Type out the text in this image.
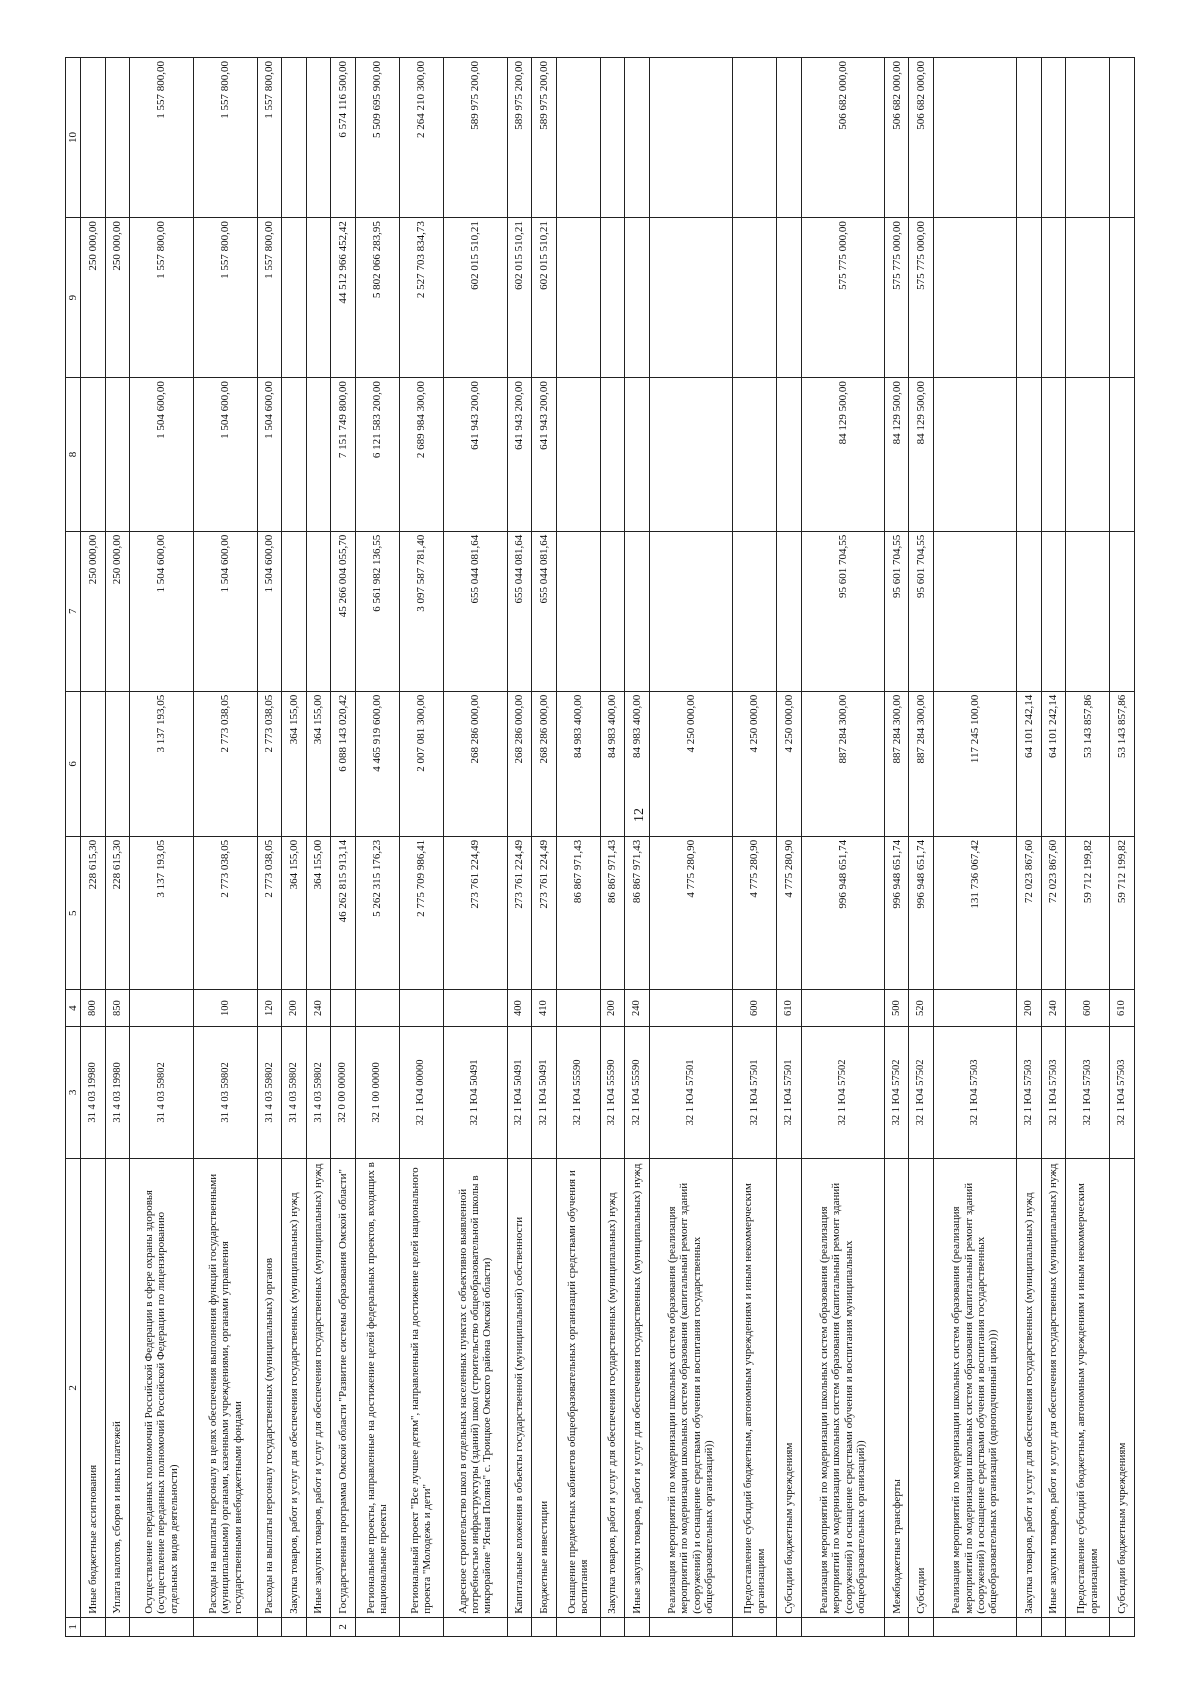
12
1	2	3	4	5	6	7	8	9	10
	Иные бюджетные ассигнования	31 4 03 19980	800	228 615,30		250 000,00		250 000,00	
	Уплата налогов, сборов и иных платежей	31 4 03 19980	850	228 615,30		250 000,00		250 000,00	
	Осуществление переданных полномочий Российской Федерации в сфере охраны здоровья (осуществление переданных полномочий Российской Федерации по лицензированию отдельных видов деятельности)	31 4 03 59802		3 137 193,05	3 137 193,05	1 504 600,00	1 504 600,00	1 557 800,00	1 557 800,00
	Расходы на выплаты персоналу в целях обеспечения выполнения функций государственными (муниципальными) органами, казенными учреждениями, органами управления государственными внебюджетными фондами	31 4 03 59802	100	2 773 038,05	2 773 038,05	1 504 600,00	1 504 600,00	1 557 800,00	1 557 800,00
	Расходы на выплаты персоналу государственных (муниципальных) органов	31 4 03 59802	120	2 773 038,05	2 773 038,05	1 504 600,00	1 504 600,00	1 557 800,00	1 557 800,00
	Закупка товаров, работ и услуг для обеспечения государственных (муниципальных) нужд	31 4 03 59802	200	364 155,00	364 155,00				
	Иные закупки товаров, работ и услуг для обеспечения государственных (муниципальных) нужд	31 4 03 59802	240	364 155,00	364 155,00				
2	Государственная программа Омской области "Развитие системы образования Омской области"	32 0 00 00000		46 262 815 913,14	6 088 143 020,42	45 266 004 055,70	7 151 749 800,00	44 512 966 452,42	6 574 116 500,00
	Региональные проекты, направленные на достижение целей федеральных проектов, входящих в национальные проекты	32 1 00 00000		5 262 315 176,23	4 465 919 600,00	6 561 982 136,55	6 121 583 200,00	5 802 066 283,95	5 509 695 900,00
	Региональный проект "Все лучшее детям", направленный на достижение целей национального проекта "Молодежь и дети"	32 1 Ю4 00000		2 775 709 986,41	2 007 081 300,00	3 097 587 781,40	2 689 984 300,00	2 527 703 834,73	2 264 210 300,00
	Адресное строительство школ в отдельных населенных пунктах с объективно выявленной потребностью инфраструктуры (зданий) школ (строительство общеобразовательной школы в микрорайоне "Ясная Поляна" с. Троицкое Омского района Омской области)	32 1 Ю4 50491		273 761 224,49	268 286 000,00	655 044 081,64	641 943 200,00	602 015 510,21	589 975 200,00
	Капитальные вложения в объекты государственной (муниципальной) собственности	32 1 Ю4 50491	400	273 761 224,49	268 286 000,00	655 044 081,64	641 943 200,00	602 015 510,21	589 975 200,00
	Бюджетные инвестиции	32 1 Ю4 50491	410	273 761 224,49	268 286 000,00	655 044 081,64	641 943 200,00	602 015 510,21	589 975 200,00
	Оснащение предметных кабинетов общеобразовательных организаций средствами обучения и воспитания	32 1 Ю4 55590		86 867 971,43	84 983 400,00				
	Закупка товаров, работ и услуг для обеспечения государственных (муниципальных) нужд	32 1 Ю4 55590	200	86 867 971,43	84 983 400,00				
	Иные закупки товаров, работ и услуг для обеспечения государственных (муниципальных) нужд	32 1 Ю4 55590	240	86 867 971,43	84 983 400,00				
	Реализация мероприятий по модернизации школьных систем образования (реализация мероприятий по модернизации школьных систем образования (капитальный ремонт зданий (сооружений) и оснащение средствами обучения и воспитания государственных общеобразовательных организаций))	32 1 Ю4 57501		4 775 280,90	4 250 000,00				
	Предоставление субсидий бюджетным, автономным учреждениям и иным некоммерческим организациям	32 1 Ю4 57501	600	4 775 280,90	4 250 000,00				
	Субсидии бюджетным учреждениям	32 1 Ю4 57501	610	4 775 280,90	4 250 000,00				
	Реализация мероприятий по модернизации школьных систем образования (реализация мероприятий по модернизации школьных систем образования (капитальный ремонт зданий (сооружений) и оснащение средствами обучения и воспитания муниципальных общеобразовательных организаций))	32 1 Ю4 57502		996 948 651,74	887 284 300,00	95 601 704,55	84 129 500,00	575 775 000,00	506 682 000,00
	Межбюджетные трансферты	32 1 Ю4 57502	500	996 948 651,74	887 284 300,00	95 601 704,55	84 129 500,00	575 775 000,00	506 682 000,00
	Субсидии	32 1 Ю4 57502	520	996 948 651,74	887 284 300,00	95 601 704,55	84 129 500,00	575 775 000,00	506 682 000,00
	Реализация мероприятий по модернизации школьных систем образования (реализация мероприятий по модернизации школьных систем образования (капитальный ремонт зданий (сооружений) и оснащение средствами обучения и воспитания государственных общеобразовательных организаций (одноподчинный цикл)))	32 1 Ю4 57503		131 736 067,42	117 245 100,00				
	Закупка товаров, работ и услуг для обеспечения государственных (муниципальных) нужд	32 1 Ю4 57503	200	72 023 867,60	64 101 242,14				
	Иные закупки товаров, работ и услуг для обеспечения государственных (муниципальных) нужд	32 1 Ю4 57503	240	72 023 867,60	64 101 242,14				
	Предоставление субсидий бюджетным, автономным учреждениям и иным некоммерческим организациям	32 1 Ю4 57503	600	59 712 199,82	53 143 857,86				
	Субсидии бюджетным учреждениям	32 1 Ю4 57503	610	59 712 199,82	53 143 857,86				
